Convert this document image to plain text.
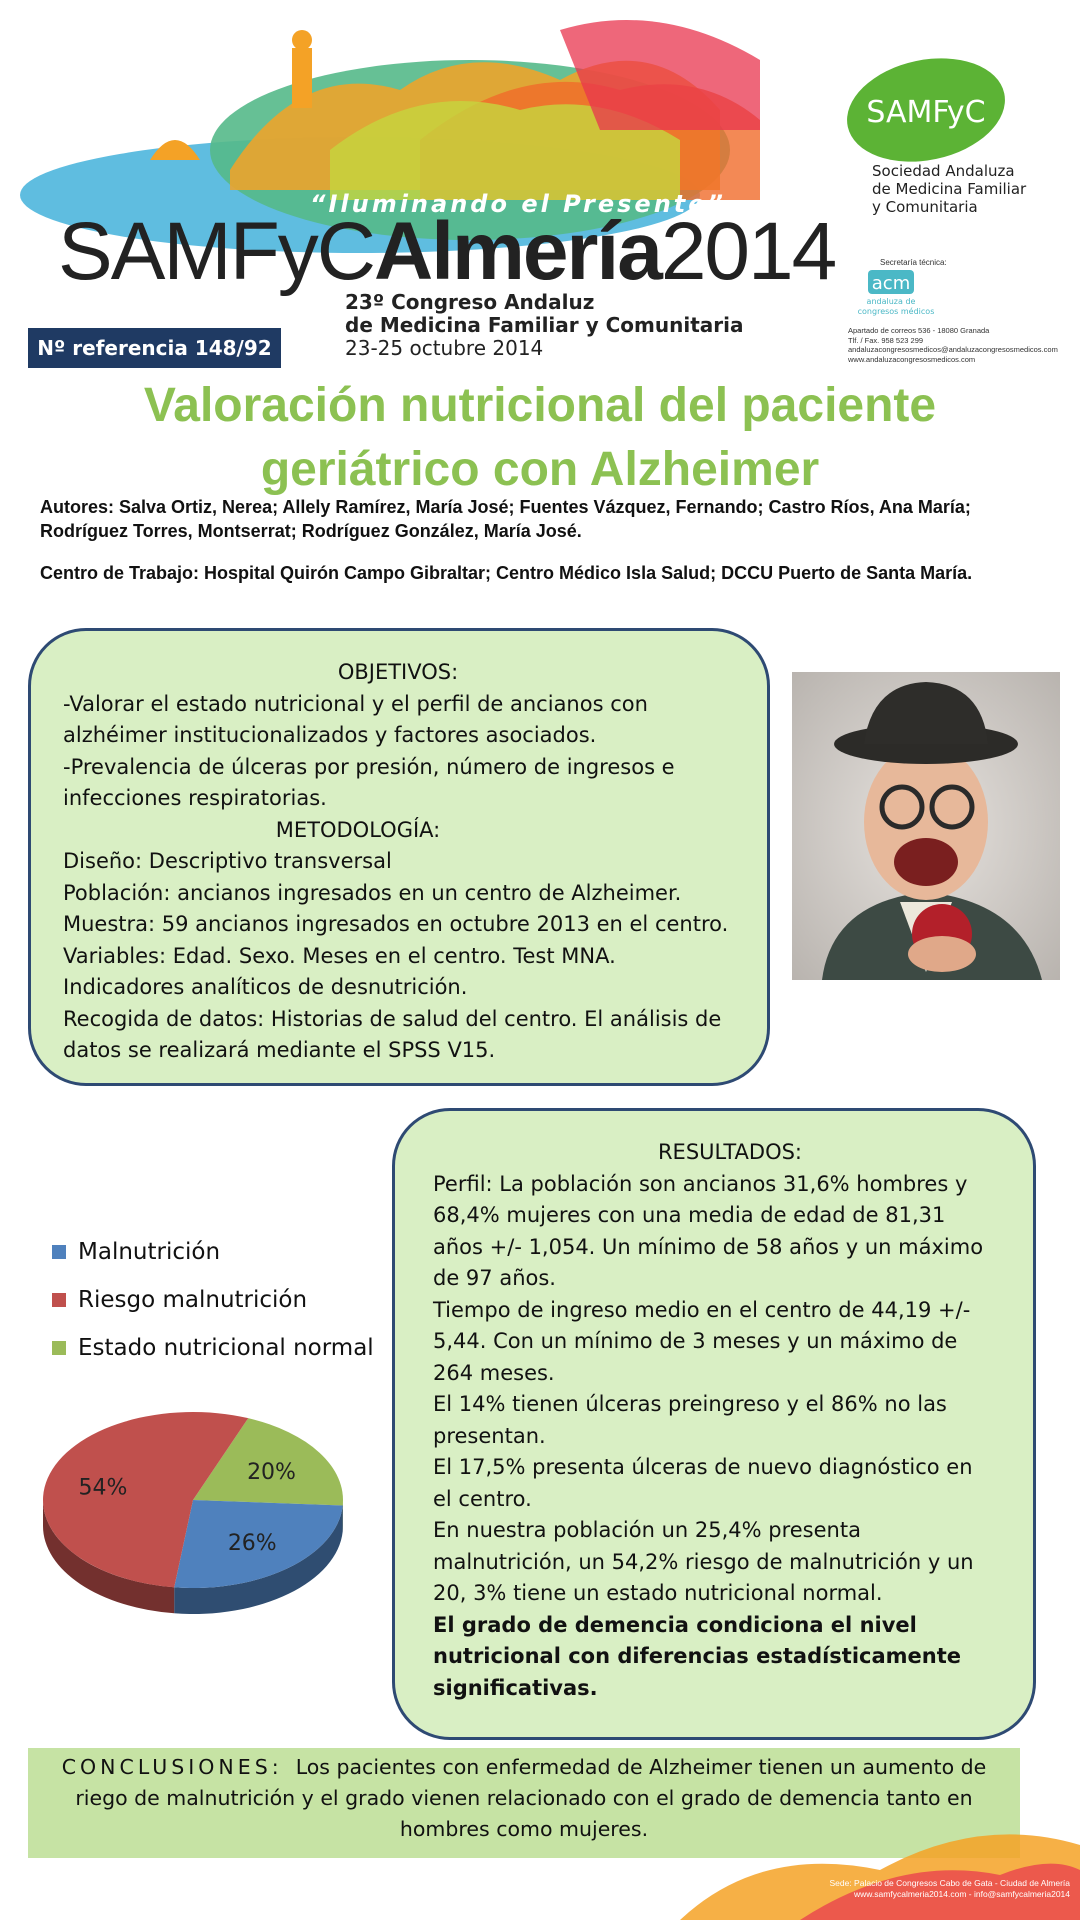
“Iluminando el Presente”
SAMFyCAlmería2014
23º Congreso Andaluz
de Medicina Familiar y Comunitaria
23-25 octubre 2014
Nº referencia 148/92
SAMFyC
Sociedad Andaluza
de Medicina Familiar
y Comunitaria
Secretaría técnica:
acm
andaluza de
congresos médicos
Apartado de correos 536 - 18080 Granada
Tlf. / Fax. 958 523 299
andaluzacongresosmedicos@andaluzacongresosmedicos.com
www.andaluzacongresosmedicos.com
Valoración nutricional del paciente
geriátrico con Alzheimer
Autores: Salva Ortiz, Nerea; Allely Ramírez, María José; Fuentes Vázquez, Fernando; Castro Ríos, Ana María; Rodríguez Torres, Montserrat; Rodríguez González, María José.
Centro de Trabajo: Hospital Quirón Campo Gibraltar; Centro Médico Isla Salud; DCCU Puerto de Santa María.
OBJETIVOS:
-Valorar el estado nutricional y el perfil de ancianos con alzhéimer institucionalizados y factores asociados.
-Prevalencia de úlceras por presión, número de ingresos e infecciones respiratorias.
METODOLOGÍA:
Diseño: Descriptivo transversal
Población: ancianos ingresados en un centro de Alzheimer.
Muestra: 59 ancianos ingresados en octubre 2013 en el centro.
Variables: Edad. Sexo. Meses en el centro. Test MNA. Indicadores analíticos de desnutrición.
Recogida de datos: Historias de salud del centro. El análisis de datos se realizará mediante el SPSS V15.
Malnutrición
Riesgo malnutrición
Estado nutricional normal
20%
26%
54%
RESULTADOS:
Perfil: La población son ancianos 31,6% hombres y 68,4% mujeres con una media de edad de 81,31 años +/- 1,054. Un mínimo de 58 años y un máximo de 97 años.
Tiempo de ingreso medio en el centro de 44,19 +/- 5,44. Con un mínimo de 3 meses y un máximo de 264 meses.
El 14% tienen úlceras preingreso y el 86% no las presentan.
El 17,5% presenta úlceras de nuevo diagnóstico en el centro.
En nuestra población un 25,4% presenta malnutrición, un 54,2% riesgo de malnutrición y un 20, 3% tiene un estado nutricional normal.
El grado de demencia condiciona el nivel nutricional con diferencias estadísticamente significativas.
CONCLUSIONES: Los pacientes con enfermedad de Alzheimer tienen un aumento de riego de malnutrición y el grado vienen relacionado con el grado de demencia tanto en hombres como mujeres.
Sede: Palacio de Congresos Cabo de Gata - Ciudad de Almería
www.samfycalmeria2014.com - info@samfycalmeria2014
